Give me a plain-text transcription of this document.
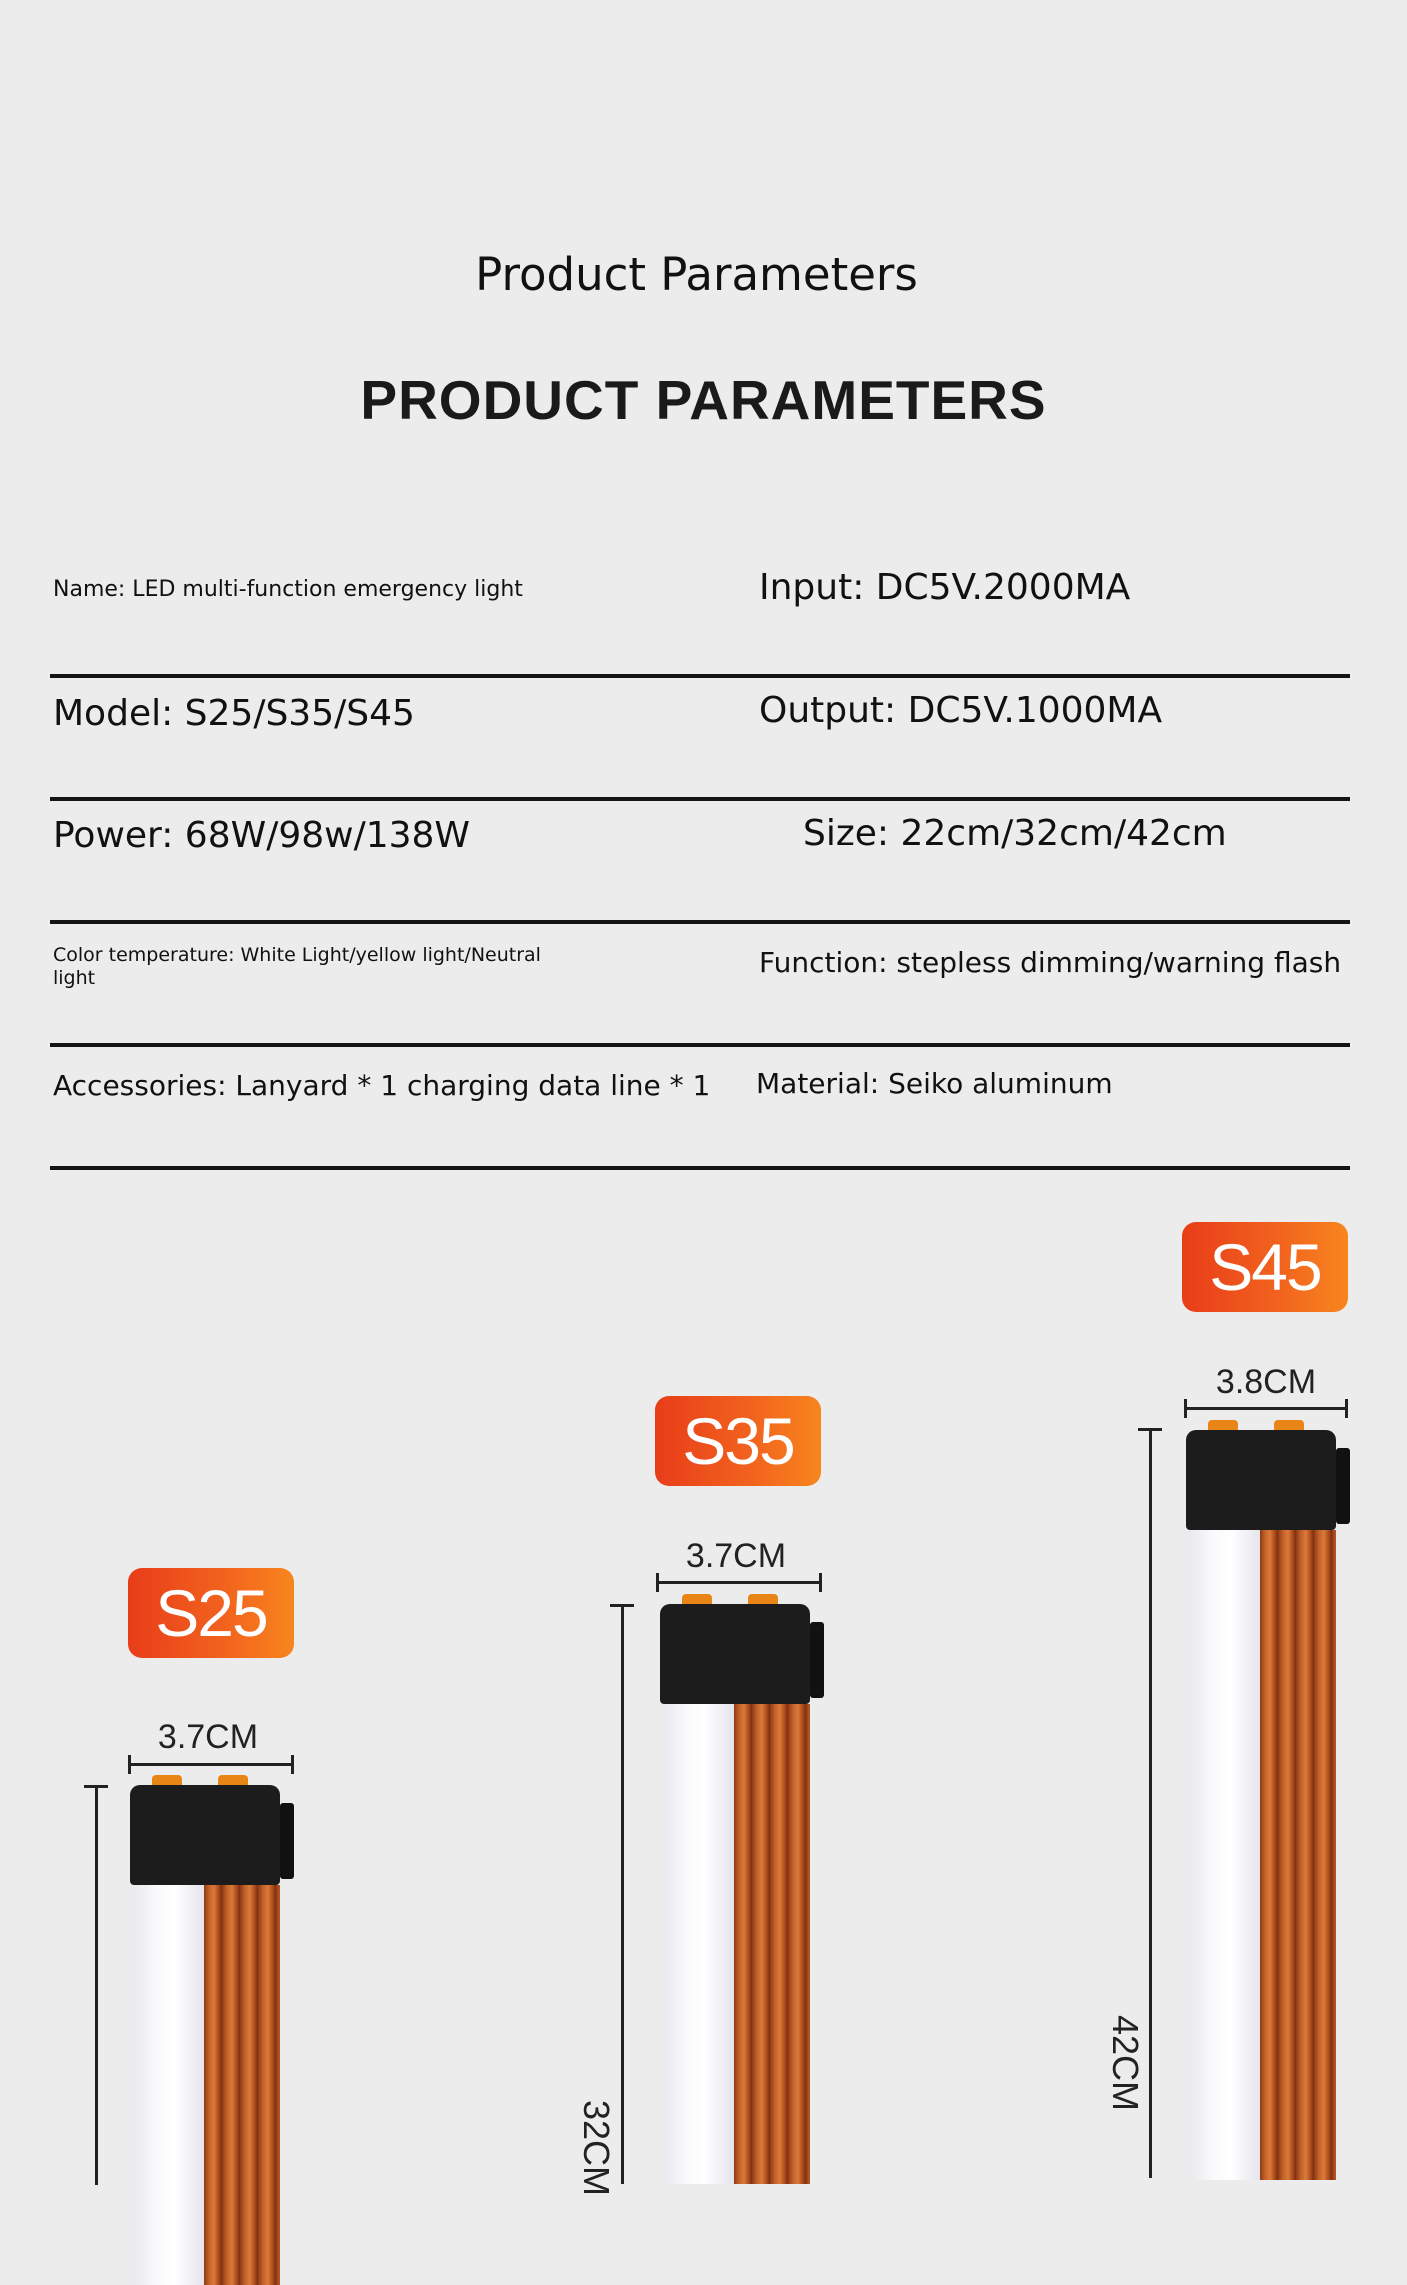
Product Parameters
PRODUCT PARAMETERS
Name: LED multi-function emergency light	Input: DC5V.2000MA
Model: S25/S35/S45	Output: DC5V.1000MA
Power: 68W/98w/138W	Size: 22cm/32cm/42cm
Color temperature: White Light/yellow light/Neutral light	Function: stepless dimming/warning flash
Accessories: Lanyard * 1 charging data line * 1 Material: Seiko aluminum
S25
3.7CM
S35
3.7CM
32CM
S45
3.8CM
42CM
